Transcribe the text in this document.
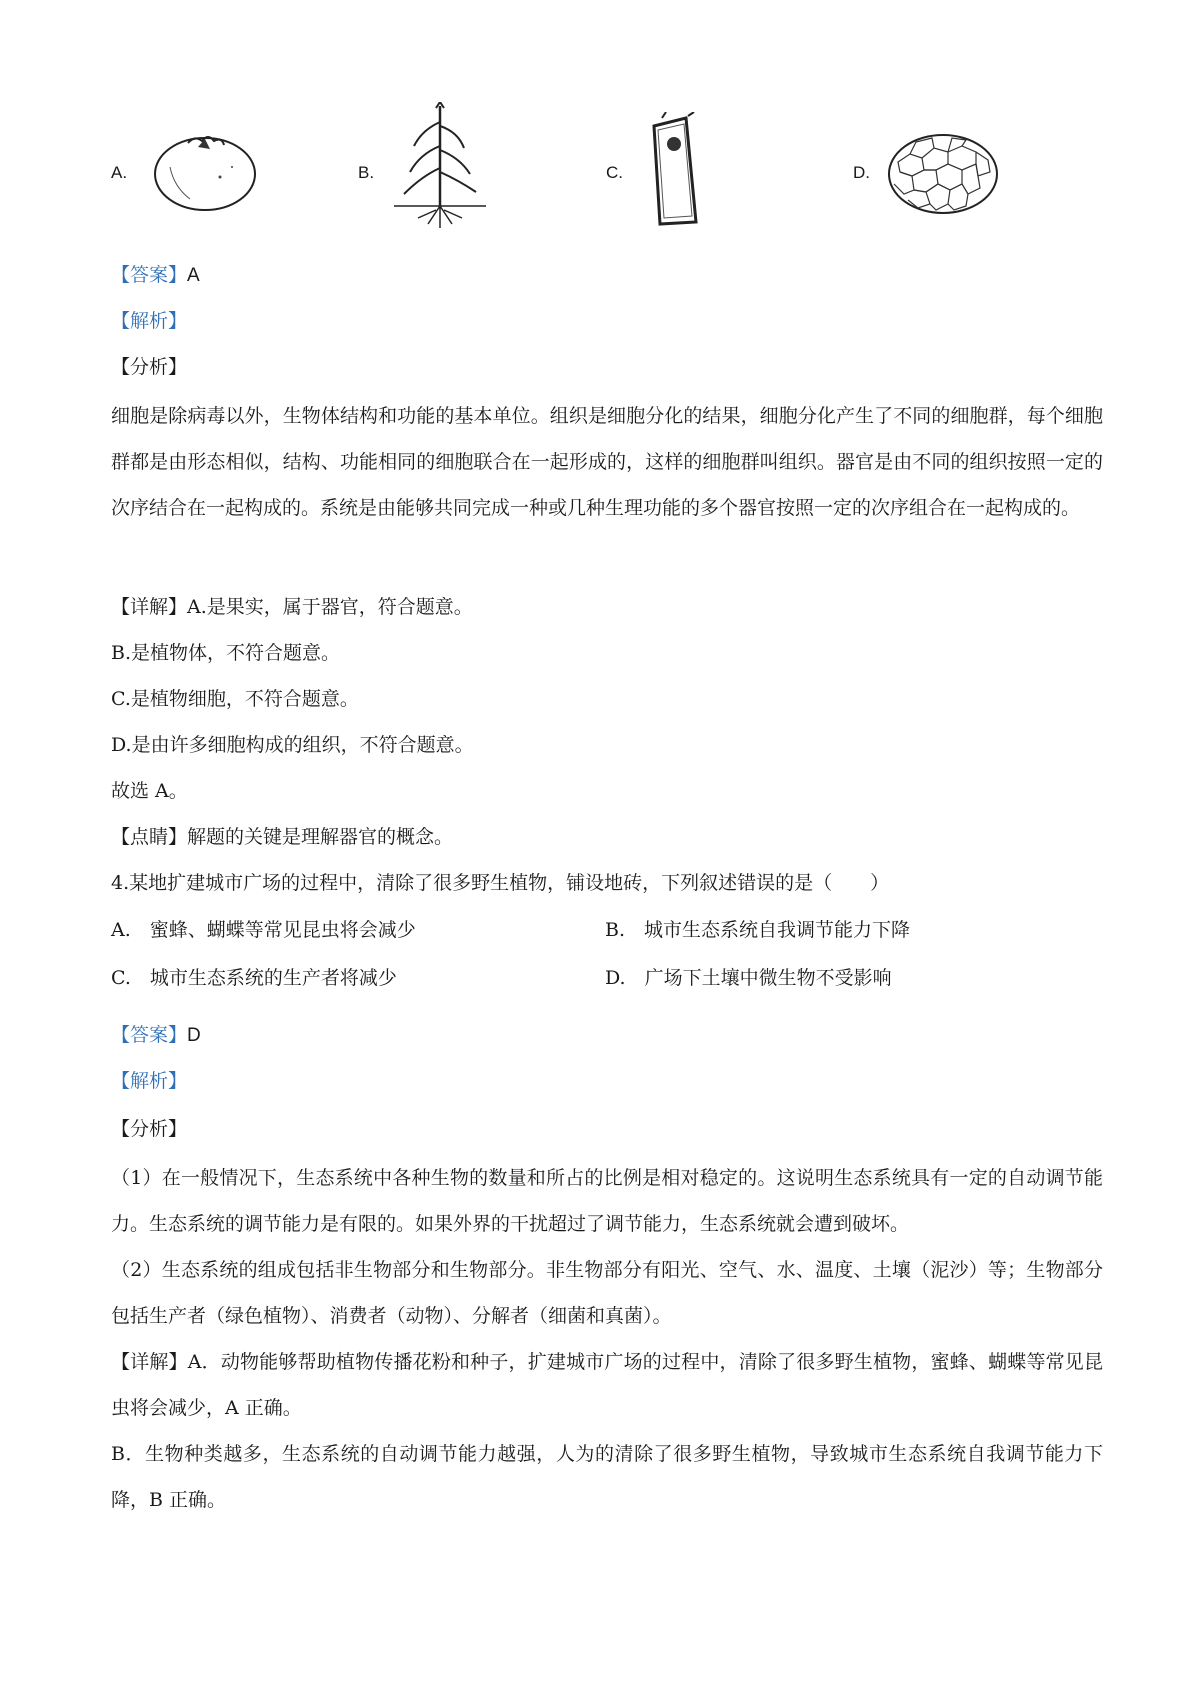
A.	B.	C.	D.
【答案】A
【解析】
【分析】
细胞是除病毒以外，生物体结构和功能的基本单位。组织是细胞分化的结果，细胞分化产生了不同的细胞群，每个细胞群都是由形态相似，结构、功能相同的细胞联合在一起形成的，这样的细胞群叫组织。器官是由不同的组织按照一定的次序结合在一起构成的。系统是由能够共同完成一种或几种生理功能的多个器官按照一定的次序组合在一起构成的。
【详解】A.是果实，属于器官，符合题意。
B.是植物体，不符合题意。
C.是植物细胞，不符合题意。
D.是由许多细胞构成的组织，不符合题意。
故选 A。
【点睛】解题的关键是理解器官的概念。
4.某地扩建城市广场的过程中，清除了很多野生植物，铺设地砖，下列叙述错误的是（　　）
A.　蜜蜂、蝴蝶等常见昆虫将会减少	B.　城市生态系统自我调节能力下降
C.　城市生态系统的生产者将减少	D.　广场下土壤中微生物不受影响
【答案】D
【解析】
【分析】
（1）在一般情况下，生态系统中各种生物的数量和所占的比例是相对稳定的。这说明生态系统具有一定的自动调节能力。生态系统的调节能力是有限的。如果外界的干扰超过了调节能力，生态系统就会遭到破坏。
（2）生态系统的组成包括非生物部分和生物部分。非生物部分有阳光、空气、水、温度、土壤（泥沙）等；生物部分包括生产者（绿色植物）、消费者（动物）、分解者（细菌和真菌）。
【详解】A．动物能够帮助植物传播花粉和种子，扩建城市广场的过程中，清除了很多野生植物，蜜蜂、蝴蝶等常见昆虫将会减少，A 正确。
B．生物种类越多，生态系统的自动调节能力越强，人为的清除了很多野生植物，导致城市生态系统自我调节能力下降，B 正确。
